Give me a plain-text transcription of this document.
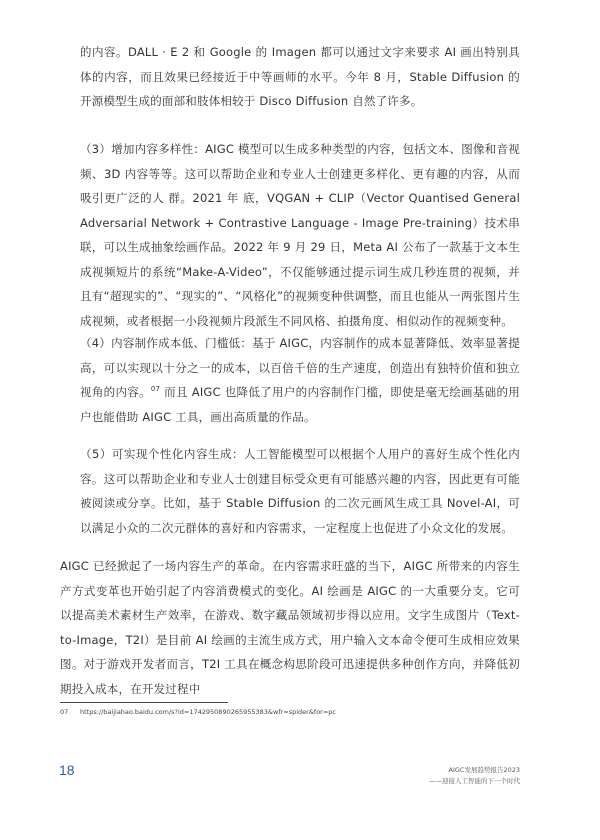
的内容。DALL · E 2 和 Google 的 Imagen 都可以通过文字来要求 AI 画出特别具体的内容，而且效果已经接近于中等画师的水平。今年 8 月，Stable Diffusion 的开源模型生成的面部和肢体相较于 Disco Diffusion 自然了许多。

（3）增加内容多样性：AIGC 模型可以生成多种类型的内容，包括文本、图像和音视频、3D 内容等等。这可以帮助企业和专业人士创建更多样化、更有趣的内容，从而吸引更广泛的人 群。2021 年 底，VQGAN + CLIP（Vector Quantised General Adversarial Network + Contrastive Language - Image Pre-training）技术串联，可以生成抽象绘画作品。2022 年 9 月 29 日，Meta AI 公布了一款基于文本生成视频短片的系统“Make-A-Video”，不仅能够通过提示词生成几秒连贯的视频，并且有“超现实的”、“现实的”、“风格化”的视频变种供调整，而且也能从一两张图片生成视频，或者根据一小段视频片段派生不同风格、拍摄角度、相似动作的视频变种。

（4）内容制作成本低、门槛低：基于 AIGC，内容制作的成本显著降低、效率显著提高，可以实现以十分之一的成本，以百倍千倍的生产速度，创造出有独特价值和独立视角的内容。$^{07}$ 而且 AIGC 也降低了用户的内容制作门槛，即使是毫无绘画基础的用户也能借助 AIGC 工具，画出高质量的作品。

（5）可实现个性化内容生成：人工智能模型可以根据个人用户的喜好生成个性化内容。这可以帮助企业和专业人士创建目标受众更有可能感兴趣的内容，因此更有可能被阅读或分享。比如，基于 Stable Diffusion 的二次元画风生成工具 Novel-AI，可以满足小众的二次元群体的喜好和内容需求，一定程度上也促进了小众文化的发展。

AIGC 已经掀起了一场内容生产的革命。在内容需求旺盛的当下，AIGC 所带来的内容生产方式变革也开始引起了内容消费模式的变化。AI 绘画是 AIGC 的一大重要分支。它可以提高美术素材生产效率，在游戏、数字藏品领域初步得以应用。文字生成图片（Text-to-Image，T2I）是目前 AI 绘画的主流生成方式，用户输入文本命令便可生成相应效果图。对于游戏开发者而言，T2I 工具在概念构思阶段可迅速提供多种创作方向，并降低初期投入成本，在开发过程中

07 https://baijiahao.baidu.com/s?id=1742950890265955383&wfr=spider&for=pc
18	AIGC发展趋势报告2023
——迎接人工智能的下一个时代
